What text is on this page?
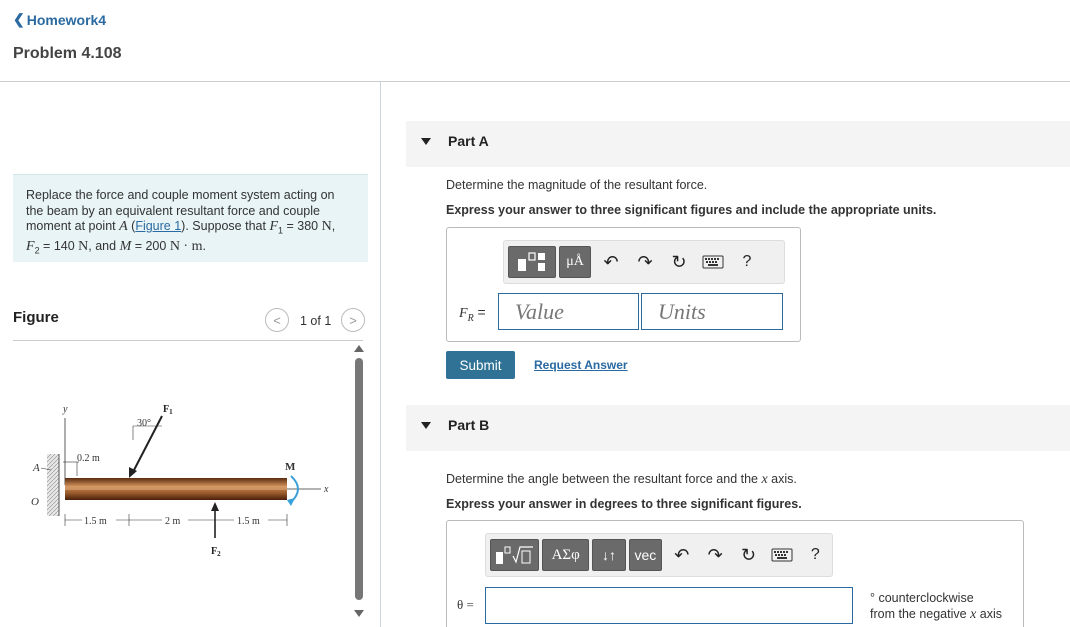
❮ Homework4
Problem 4.108
Replace the force and couple moment system acting on the beam by an equivalent resultant force and couple moment at point A (Figure 1). Suppose that $F_1 = 380$ N,
$F_2 = 140$ N, and M = 200 N · m.
Figure	< 1 of 1 >
y
0.2 m
A
O
x
M
30°
$F_1$
1.5 m	2 m	1.5 m
$F_2$
Part A
Determine the magnitude of the resultant force.
Express your answer to three significant figures and include the appropriate units.
μÅ	↶	↷	↻	?
$F_R$ =	Value	Units
Submit	Request Answer
Part B
Determine the angle between the resultant force and the x axis.
Express your answer in degrees to three significant figures.
ΑΣφ	↓↑	vec ↶	↷	↻	?
θ =	° counterclockwise
from the negative x axis
